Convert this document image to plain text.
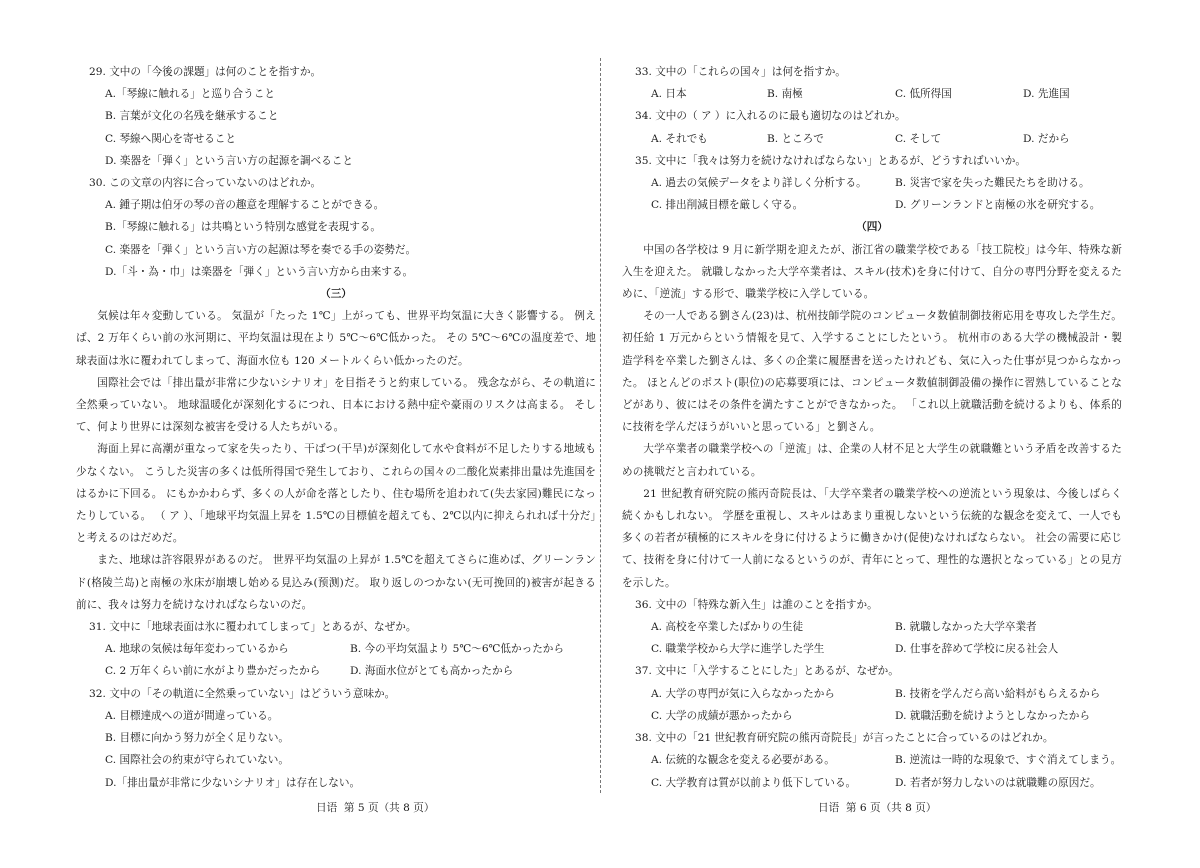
29. 文中の「今後の課題」は何のことを指すか。

A.「琴線に触れる」と巡り合うこと

B. 言葉が文化の名残を継承すること

C. 琴線へ関心を寄せること

D. 楽器を「弾く」という言い方の起源を調べること

30. この文章の内容に合っていないのはどれか。

A. 鍾子期は伯牙の琴の音の趣意を理解することができる。

B.「琴線に触れる」は共鳴という特別な感覚を表現する。

C. 楽器を「弾く」という言い方の起源は琴を奏でる手の姿勢だ。

D.「斗・為・巾」は楽器を「弾く」という言い方から由来する。

（三）

気候は年々変動している。 気温が「たった 1℃」上がっても、世界平均気温に大きく影響する。 例えば、2 万年くらい前の氷河期に、平均気温は現在より 5℃～6℃低かった。 その 5℃～6℃の温度差で、地球表面は氷に覆われてしまって、海面水位も 120 メートルくらい低かったのだ。

国際社会では「排出量が非常に少ないシナリオ」を目指そうと約束している。 残念ながら、その軌道に全然乗っていない。 地球温暖化が深刻化するにつれ、日本における熱中症や豪雨のリスクは高まる。 そして、何より世界には深刻な被害を受ける人たちがいる。

海面上昇に高潮が重なって家を失ったり、干ばつ(干旱)が深刻化して水や食料が不足したりする地域も少なくない。 こうした災害の多くは低所得国で発生しており、これらの国々の二酸化炭素排出量は先進国をはるかに下回る。 にもかかわらず、多くの人が命を落としたり、住む場所を追われて(失去家园)難民になったりしている。 （ ア ）、「地球平均気温上昇を 1.5℃の目標値を超えても、2℃以内に抑えられれば十分だ」と考えるのはだめだ。

また、地球は許容限界があるのだ。 世界平均気温の上昇が 1.5℃を超えてさらに進めば、グリーンランド(格陵兰岛)と南極の氷床が崩壊し始める見込み(预测)だ。 取り返しのつかない(无可挽回的)被害が起きる前に、我々は努力を続けなければならないのだ。

31. 文中に「地球表面は氷に覆われてしまって」とあるが、なぜか。

A. 地球の気候は毎年変わっているから	B. 今の平均気温より 5℃～6℃低かったから
C. 2 万年くらい前に水がより豊かだったから	D. 海面水位がとても高かったから

32. 文中の「その軌道に全然乗っていない」はどういう意味か。

A. 目標達成への道が間違っている。

B. 目標に向かう努力が全く足りない。

C. 国際社会の約束が守られていない。

D.「排出量が非常に少ないシナリオ」は存在しない。

33. 文中の「これらの国々」は何を指すか。

A. 日本	B. 南極	C. 低所得国	D. 先進国

34. 文中の（ ア ）に入れるのに最も適切なのはどれか。

A. それでも	B. ところで	C. そして	D. だから

35. 文中に「我々は努力を続けなければならない」とあるが、どうすればいいか。

A. 過去の気候データをより詳しく分析する。	B. 災害で家を失った難民たちを助ける。
C. 排出削減目標を厳しく守る。	D. グリーンランドと南極の氷を研究する。

（四）

中国の各学校は 9 月に新学期を迎えたが、浙江省の職業学校である「技工院校」は今年、特殊な新入生を迎えた。 就職しなかった大学卒業者は、スキル(技术)を身に付けて、自分の専門分野を変えるために、「逆流」する形で、職業学校に入学している。

その一人である劉さん(23)は、杭州技師学院のコンピュータ数値制御技術応用を専攻した学生だ。初任給 1 万元からという情報を見て、入学することにしたという。 杭州市のある大学の機械設計・製造学科を卒業した劉さんは、多くの企業に履歴書を送ったけれども、気に入った仕事が見つからなかった。 ほとんどのポスト(职位)の応募要項には、コンピュータ数値制御設備の操作に習熟していることなどがあり、彼にはその条件を満たすことができなかった。 「これ以上就職活動を続けるよりも、体系的に技術を学んだほうがいいと思っている」と劉さん。

大学卒業者の職業学校への「逆流」は、企業の人材不足と大学生の就職難という矛盾を改善するための挑戦だと言われている。

21 世紀教育研究院の熊丙奇院長は、「大学卒業者の職業学校への逆流という現象は、今後しばらく続くかもしれない。 学歴を重視し、スキルはあまり重視しないという伝統的な観念を変えて、一人でも多くの若者が積極的にスキルを身に付けるように働きかけ(促使)なければならない。 社会の需要に応じて、技術を身に付けて一人前になるというのが、青年にとって、理性的な選択となっている」との見方を示した。

36. 文中の「特殊な新入生」は誰のことを指すか。

A. 高校を卒業したばかりの生徒	B. 就職しなかった大学卒業者
C. 職業学校から大学に進学した学生	D. 仕事を辞めて学校に戻る社会人

37. 文中に「入学することにした」とあるが、なぜか。

A. 大学の専門が気に入らなかったから	B. 技術を学んだら高い給料がもらえるから
C. 大学の成績が悪かったから	D. 就職活動を続けようとしなかったから

38. 文中の「21 世紀教育研究院の熊丙奇院長」が言ったことに合っているのはどれか。

A. 伝統的な観念を変える必要がある。	B. 逆流は一時的な現象で、すぐ消えてしまう。
C. 大学教育は質が以前より低下している。	D. 若者が努力しないのは就職難の原因だ。
日语  第 5 页（共 8 页）	日语  第 6 页（共 8 页）
